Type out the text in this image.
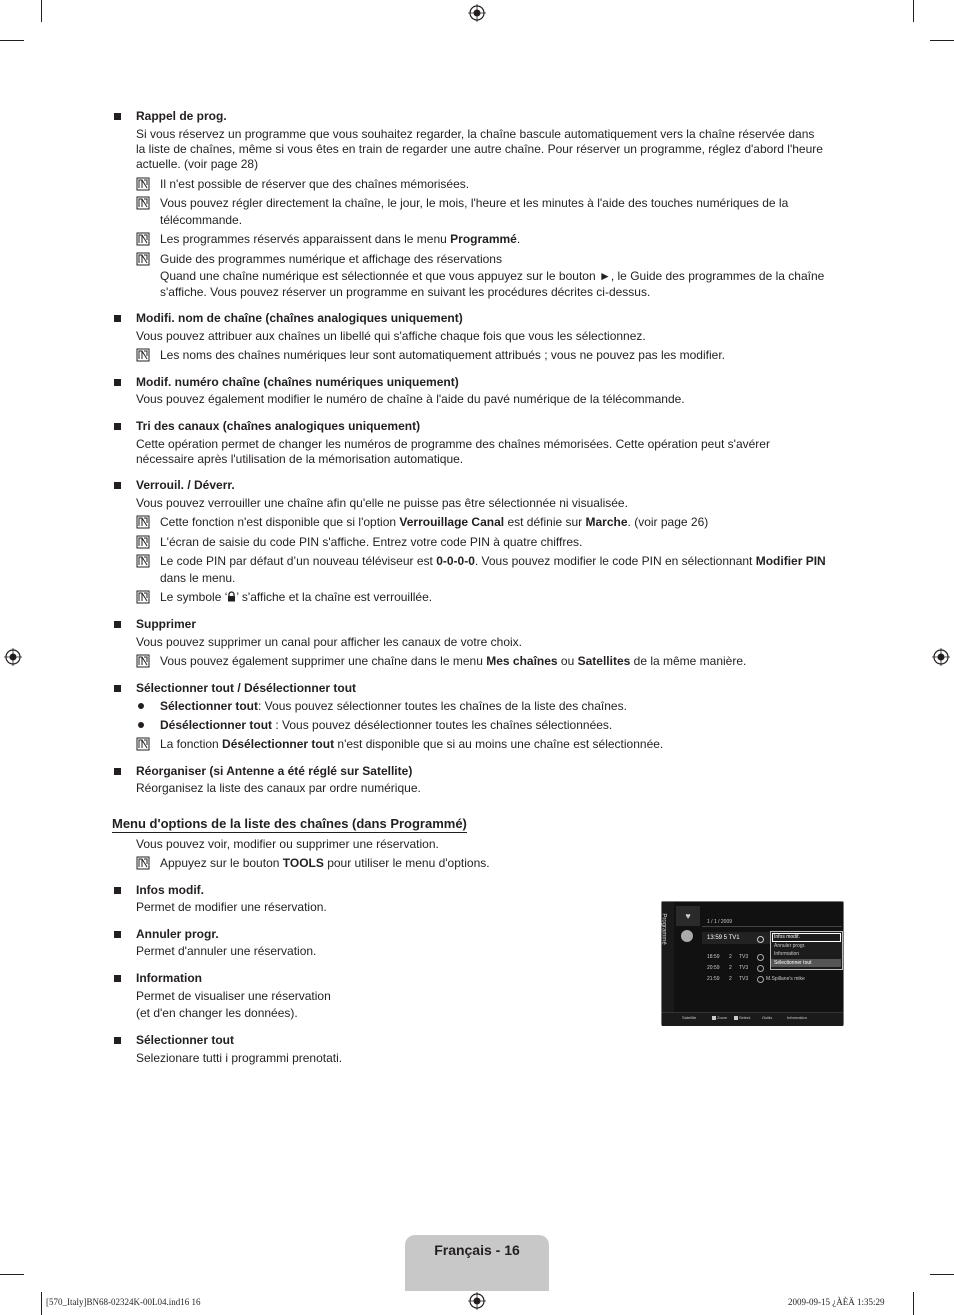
Rappel de prog.
Si vous réservez un programme que vous souhaitez regarder, la chaîne bascule automatiquement vers la chaîne réservée dans
la liste de chaînes, même si vous êtes en train de regarder une autre chaîne. Pour réserver un programme, réglez d'abord l'heure
actuelle. (voir page 28)
Il n'est possible de réserver que des chaînes mémorisées.
Vous pouvez régler directement la chaîne, le jour, le mois, l'heure et les minutes à l'aide des touches numériques de la
télécommande.
Les programmes réservés apparaissent dans le menu Programmé.
Guide des programmes numérique et affichage des réservations
Quand une chaîne numérique est sélectionnée et que vous appuyez sur le bouton ►, le Guide des programmes de la chaîne
s'affiche. Vous pouvez réserver un programme en suivant les procédures décrites ci-dessus.
Modifi. nom de chaîne (chaînes analogiques uniquement)
Vous pouvez attribuer aux chaînes un libellé qui s'affiche chaque fois que vous les sélectionnez.
Les noms des chaînes numériques leur sont automatiquement attribués ; vous ne pouvez pas les modifier.
Modif. numéro chaîne (chaînes numériques uniquement)
Vous pouvez également modifier le numéro de chaîne à l'aide du pavé numérique de la télécommande.
Tri des canaux (chaînes analogiques uniquement)
Cette opération permet de changer les numéros de programme des chaînes mémorisées. Cette opération peut s'avérer
nécessaire après l'utilisation de la mémorisation automatique.
Verrouil. / Déverr.
Vous pouvez verrouiller une chaîne afin qu'elle ne puisse pas être sélectionnée ni visualisée.
Cette fonction n'est disponible que si l'option Verrouillage Canal est définie sur Marche. (voir page 26)
L'écran de saisie du code PIN s'affiche. Entrez votre code PIN à quatre chiffres.
Le code PIN par défaut d’un nouveau téléviseur est 0-0-0-0. Vous pouvez modifier le code PIN en sélectionnant Modifier PIN
dans le menu.
Le symbole ‘ ’ s'affiche et la chaîne est verrouillée.
Supprimer
Vous pouvez supprimer un canal pour afficher les canaux de votre choix.
Vous pouvez également supprimer une chaîne dans le menu Mes chaînes ou Satellites de la même manière.
Sélectionner tout / Désélectionner tout
Sélectionner tout: Vous pouvez sélectionner toutes les chaînes de la liste des chaînes.
Désélectionner tout : Vous pouvez désélectionner toutes les chaînes sélectionnées.
La fonction Désélectionner tout n'est disponible que si au moins une chaîne est sélectionnée.
Réorganiser (si Antenne a été réglé sur Satellite)
Réorganisez la liste des canaux par ordre numérique.
Menu d'options de la liste des chaînes (dans Programmé)
Vous pouvez voir, modifier ou supprimer une réservation.
Appuyez sur le bouton TOOLS pour utiliser le menu d'options.
Infos modif.
Permet de modifier une réservation.
Annuler progr.
Permet d'annuler une réservation.
Information
Permet de visualiser une réservation
(et d'en changer les données).
Sélectionner tout
Selezionare tutti i programmi prenotati.
Programmé	♥
1 / 1 / 2009
13:59 5 TV1
18:59 2 TV3
20:59 2 TV3
21:59 2 TV3	M.Spillane's mike
Infos modif.
Annuler progr.
Information
Sélectionner tout
Satellite	Zoom	Select.	Outils	Information
Français - 16
[570_Italy]BN68-02324K-00L04.ind16 16	2009-09-15 ¿ÀÈÄ 1:35:29
